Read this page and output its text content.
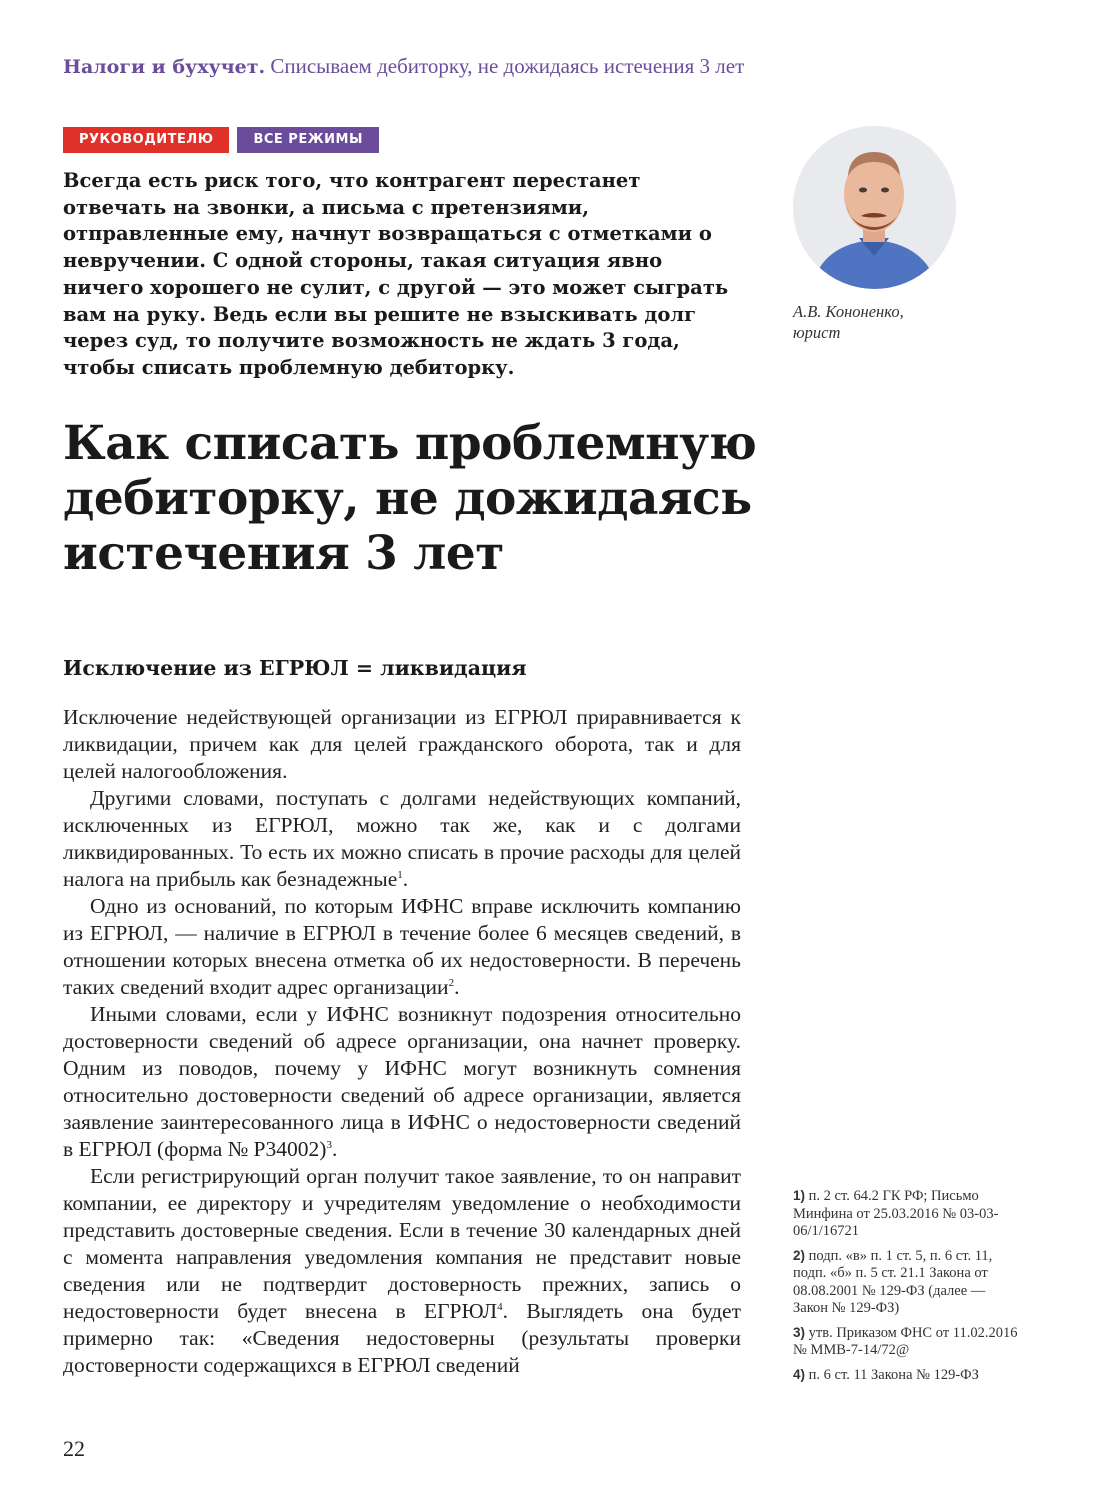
Налоги и бухучет. Списываем дебиторку, не дожидаясь истечения 3 лет
РУКОВОДИТЕЛЮ	ВСЕ РЕЖИМЫ

Всегда есть риск того, что контрагент перестанет отвечать на звонки, а письма с претензиями, отправленные ему, начнут возвращаться с отметками о невручении. С одной стороны, такая ситуация явно ничего хорошего не сулит, с другой — это может сыграть вам на руку. Ведь если вы решите не взыскивать долг через суд, то получите возможность не ждать 3 года, чтобы списать проблемную дебиторку.

А.В. Кононенко,
юрист
Как списать проблемную дебиторку, не дожидаясь истечения 3 лет
Исключение из ЕГРЮЛ = ликвидация

Исключение недействующей организации из ЕГРЮЛ приравнивается к ликвидации, причем как для целей гражданского оборота, так и для целей налогообложения.

Другими словами, поступать с долгами недействующих компаний, исключенных из ЕГРЮЛ, можно так же, как и с долгами ликвидированных. То есть их можно списать в прочие расходы для целей налога на прибыль как безнадежные$^1$.

Одно из оснований, по которым ИФНС вправе исключить компанию из ЕГРЮЛ, — наличие в ЕГРЮЛ в течение более 6 месяцев сведений, в отношении которых внесена отметка об их недостоверности. В перечень таких сведений входит адрес организации$^2$.

Иными словами, если у ИФНС возникнут подозрения относительно достоверности сведений об адресе организации, она начнет проверку. Одним из поводов, почему у ИФНС могут возникнуть сомнения относительно достоверности сведений об адресе организации, является заявление заинтересованного лица в ИФНС о недостоверности сведений в ЕГРЮЛ (форма № Р34002)$^3$.

Если регистрирующий орган получит такое заявление, то он направит компании, ее директору и учредителям уведомление о необходимости представить достоверные сведения. Если в течение 30 календарных дней с момента направления уведомления компания не представит новые сведения или не подтвердит достоверность прежних, запись о недостоверности будет внесена в ЕГРЮЛ$^4$. Выглядеть она будет примерно так: «Сведения недостоверны (результаты проверки достоверности содержащихся в ЕГРЮЛ сведений

1) п. 2 ст. 64.2 ГК РФ; Письмо Минфина от 25.03.2016 № 03-03-06/1/16721
2) подп. «в» п. 1 ст. 5, п. 6 ст. 11, подп. «б» п. 5 ст. 21.1 Закона от 08.08.2001 № 129-ФЗ (далее — Закон № 129-ФЗ)
3) утв. Приказом ФНС от 11.02.2016 № ММВ-7-14/72@
4) п. 6 ст. 11 Закона № 129-ФЗ
22
